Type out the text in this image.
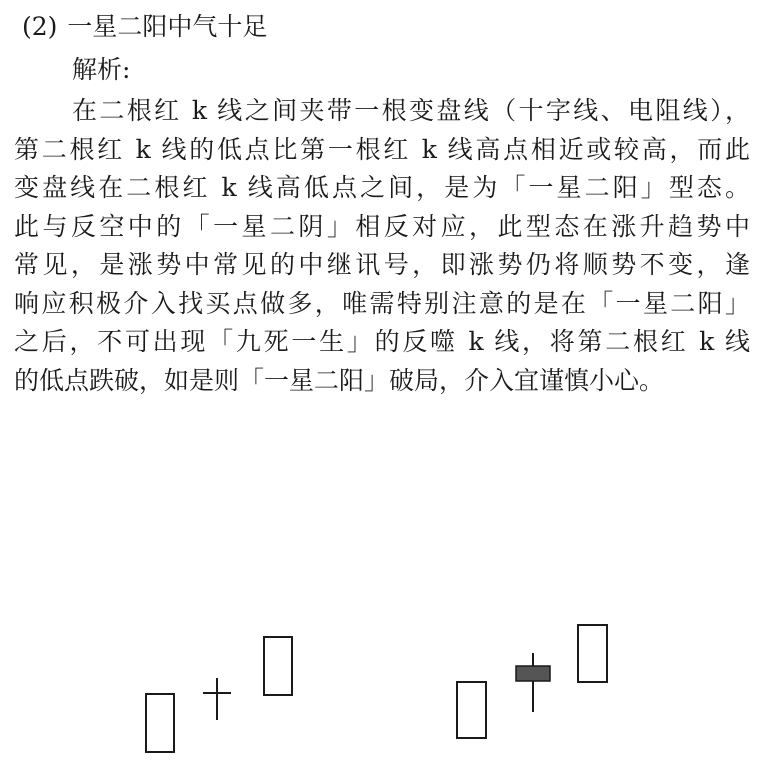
(2) 一星二阳中气十足
解析:
在二根红 k 线之间夹带一根变盘线（十字线、电阻线），
第二根红 k 线的低点比第一根红 k 线高点相近或较高，而此
变盘线在二根红 k 线高低点之间，是为「一星二阳」型态。
此与反空中的「一星二阴」相反对应，此型态在涨升趋势中
常见，是涨势中常见的中继讯号，即涨势仍将顺势不变，逢
响应积极介入找买点做多，唯需特别注意的是在「一星二阳」
之后，不可出现「九死一生」的反噬 k 线，将第二根红 k 线
的低点跌破，如是则「一星二阳」破局，介入宜谨慎小心。
